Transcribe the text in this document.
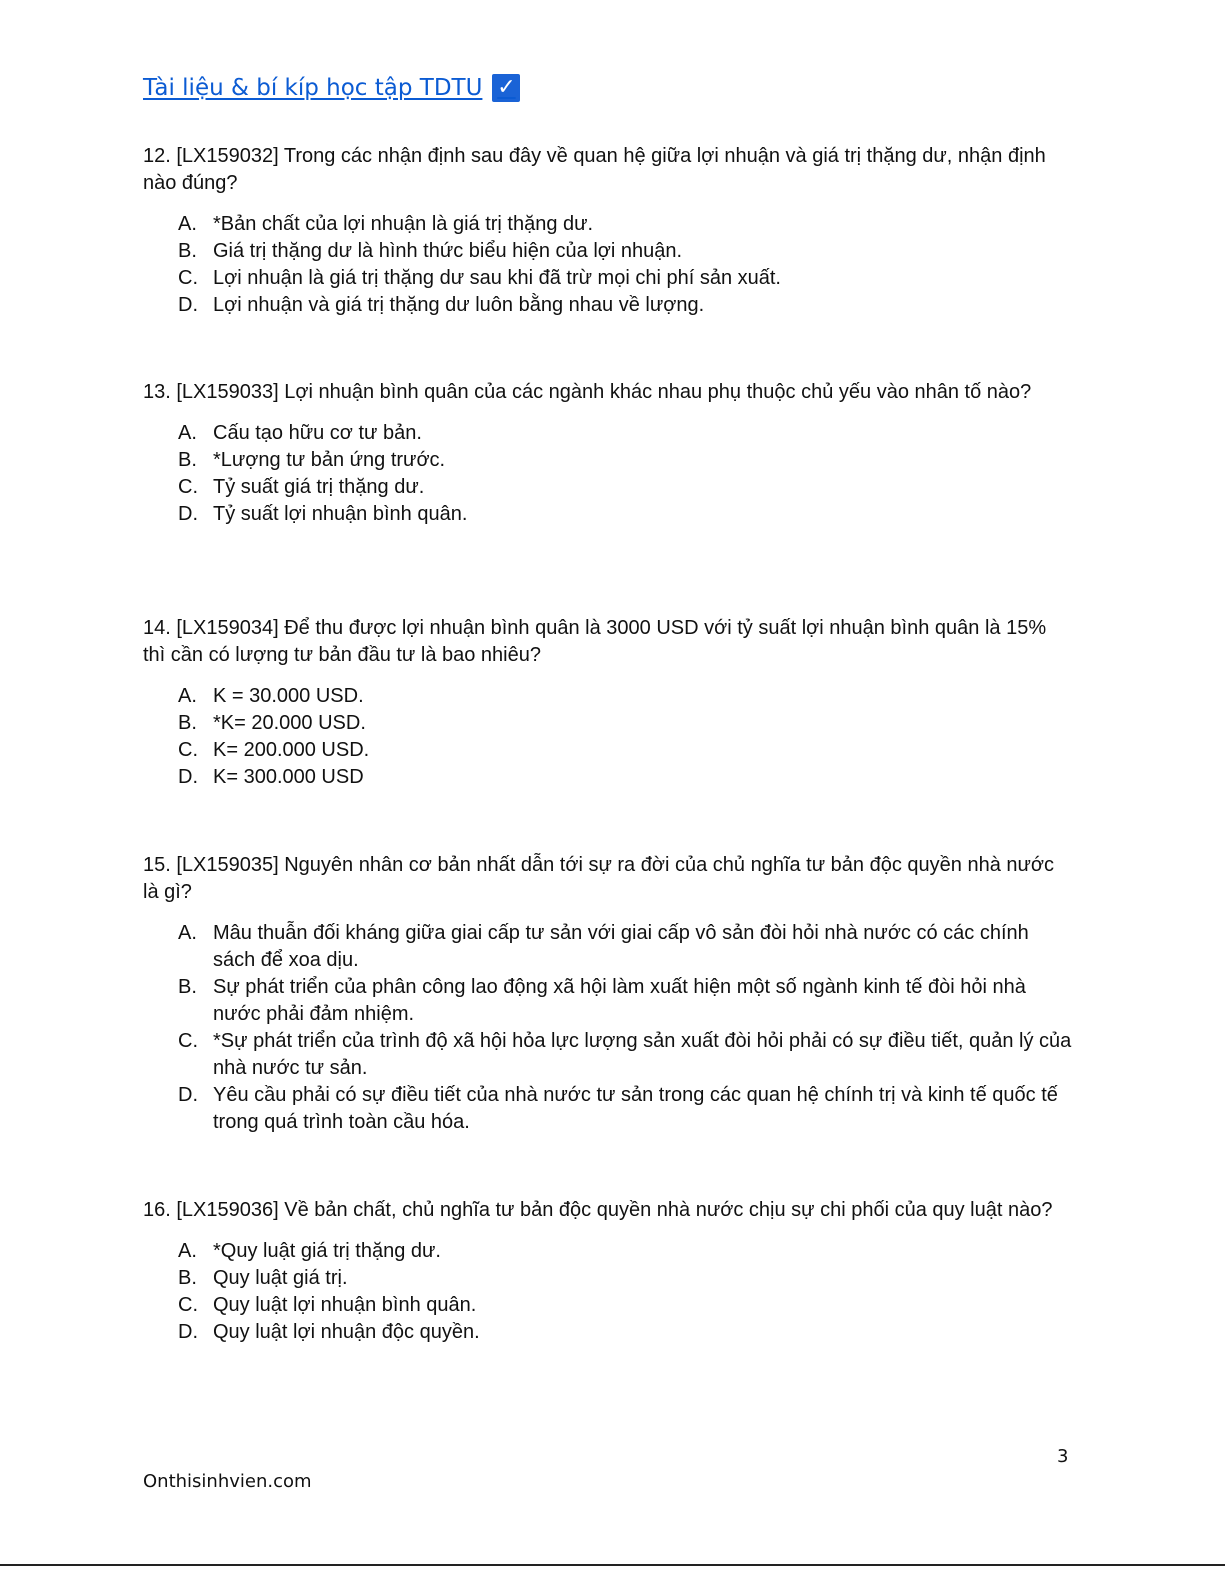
Tài liệu & bí kíp học tập TDTU ✓

12. [LX159032] Trong các nhận định sau đây về quan hệ giữa lợi nhuận và giá trị thặng dư, nhận định nào đúng?

A. *Bản chất của lợi nhuận là giá trị thặng dư.
B. Giá trị thặng dư là hình thức biểu hiện của lợi nhuận.
C. Lợi nhuận là giá trị thặng dư sau khi đã trừ mọi chi phí sản xuất.
D. Lợi nhuận và giá trị thặng dư luôn bằng nhau về lượng.

13. [LX159033] Lợi nhuận bình quân của các ngành khác nhau phụ thuộc chủ yếu vào nhân tố nào?

A. Cấu tạo hữu cơ tư bản.
B. *Lượng tư bản ứng trước.
C. Tỷ suất giá trị thặng dư.
D. Tỷ suất lợi nhuận bình quân.

14. [LX159034] Để thu được lợi nhuận bình quân là 3000 USD với tỷ suất lợi nhuận bình quân là 15% thì cần có lượng tư bản đầu tư là bao nhiêu?

A. K = 30.000 USD.
B. *K= 20.000 USD.
C. K= 200.000 USD.
D. K= 300.000 USD

15. [LX159035] Nguyên nhân cơ bản nhất dẫn tới sự ra đời của chủ nghĩa tư bản độc quyền nhà nước là gì?

A. Mâu thuẫn đối kháng giữa giai cấp tư sản với giai cấp vô sản đòi hỏi nhà nước có các chính sách để xoa dịu.
B. Sự phát triển của phân công lao động xã hội làm xuất hiện một số ngành kinh tế đòi hỏi nhà nước phải đảm nhiệm.
C. *Sự phát triển của trình độ xã hội hỏa lực lượng sản xuất đòi hỏi phải có sự điều tiết, quản lý của nhà nước tư sản.
D. Yêu cầu phải có sự điều tiết của nhà nước tư sản trong các quan hệ chính trị và kinh tế quốc tế trong quá trình toàn cầu hóa.

16. [LX159036] Về bản chất, chủ nghĩa tư bản độc quyền nhà nước chịu sự chi phối của quy luật nào?

A. *Quy luật giá trị thặng dư.
B. Quy luật giá trị.
C. Quy luật lợi nhuận bình quân.
D. Quy luật lợi nhuận độc quyền.
3
Onthisinhvien.com
